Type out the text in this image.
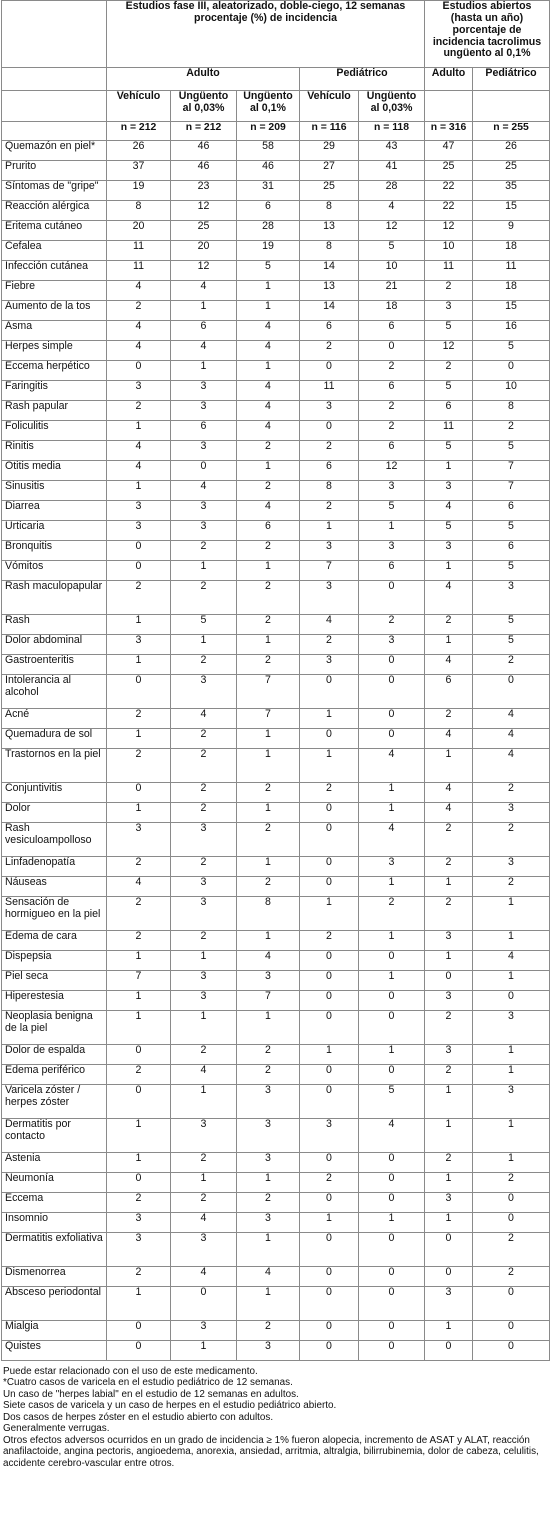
	Estudios fase III, aleatorizado, doble-ciego, 12 semanas procentaje (%) de incidencia					Estudios abiertos (hasta un año) porcentaje de incidencia tacrolimus ungüento al 0,1%	
	Adulto			Pediátrico		Adulto	Pediátrico
	Vehículo	Ungüento al 0,03%	Ungüento al 0,1%	Vehículo	Ungüento al 0,03%		
	n = 212	n = 212	n = 209	n = 116	n = 118	n = 316	n = 255
Quemazón en piel*	26	46	58	29	43	47	26
Prurito	37	46	46	27	41	25	25
Síntomas de "gripe"	19	23	31	25	28	22	35
Reacción alérgica	8	12	6	8	4	22	15
Eritema cutáneo	20	25	28	13	12	12	9
Cefalea	11	20	19	8	5	10	18
Infección cutánea	11	12	5	14	10	11	11
Fiebre	4	4	1	13	21	2	18
Aumento de la tos	2	1	1	14	18	3	15
Asma	4	6	4	6	6	5	16
Herpes simple	4	4	4	2	0	12	5
Eccema herpético	0	1	1	0	2	2	0
Faringitis	3	3	4	11	6	5	10
Rash papular	2	3	4	3	2	6	8
Foliculitis	1	6	4	0	2	11	2
Rinitis	4	3	2	2	6	5	5
Otitis media	4	0	1	6	12	1	7
Sinusitis	1	4	2	8	3	3	7
Diarrea	3	3	4	2	5	4	6
Urticaria	3	3	6	1	1	5	5
Bronquitis	0	2	2	3	3	3	6
Vómitos	0	1	1	7	6	1	5
Rash maculopapular	2	2	2	3	0	4	3
Rash	1	5	2	4	2	2	5
Dolor abdominal	3	1	1	2	3	1	5
Gastroenteritis	1	2	2	3	0	4	2
Intolerancia al alcohol	0	3	7	0	0	6	0
Acné	2	4	7	1	0	2	4
Quemadura de sol	1	2	1	0	0	4	4
Trastornos en la piel	2	2	1	1	4	1	4
Conjuntivitis	0	2	2	2	1	4	2
Dolor	1	2	1	0	1	4	3
Rash vesiculoampolloso	3	3	2	0	4	2	2
Linfadenopatía	2	2	1	0	3	2	3
Náuseas	4	3	2	0	1	1	2
Sensación de hormigueo en la piel	2	3	8	1	2	2	1
Edema de cara	2	2	1	2	1	3	1
Dispepsia	1	1	4	0	0	1	4
Piel seca	7	3	3	0	1	0	1
Hiperestesia	1	3	7	0	0	3	0
Neoplasia benigna de la piel	1	1	1	0	0	2	3
Dolor de espalda	0	2	2	1	1	3	1
Edema periférico	2	4	2	0	0	2	1
Varicela zóster / herpes zóster	0	1	3	0	5	1	3
Dermatitis por contacto	1	3	3	3	4	1	1
Astenia	1	2	3	0	0	2	1
Neumonía	0	1	1	2	0	1	2
Eccema	2	2	2	0	0	3	0
Insomnio	3	4	3	1	1	1	0
Dermatitis exfoliativa	3	3	1	0	0	0	2
Dismenorrea	2	4	4	0	0	0	2
Absceso periodontal	1	0	1	0	0	3	0
Mialgia	0	3	2	0	0	1	0
Quistes	0	1	3	0	0	0	0
Puede estar relacionado con el uso de este medicamento.
*Cuatro casos de varicela en el estudio pediátrico de 12 semanas.
Un caso de "herpes labial" en el estudio de 12 semanas en adultos.
Siete casos de varicela y un caso de herpes en el estudio pediátrico abierto.
Dos casos de herpes zóster en el estudio abierto con adultos.
Generalmente verrugas.
Otros efectos adversos ocurridos en un grado de incidencia ≥ 1% fueron alopecia, incremento de ASAT y ALAT, reacción anafilactoide, angina pectoris, angioedema, anorexia, ansiedad, arritmia, altralgia, bilirrubinemia, dolor de cabeza, celulitis, accidente cerebro-vascular entre otros.
